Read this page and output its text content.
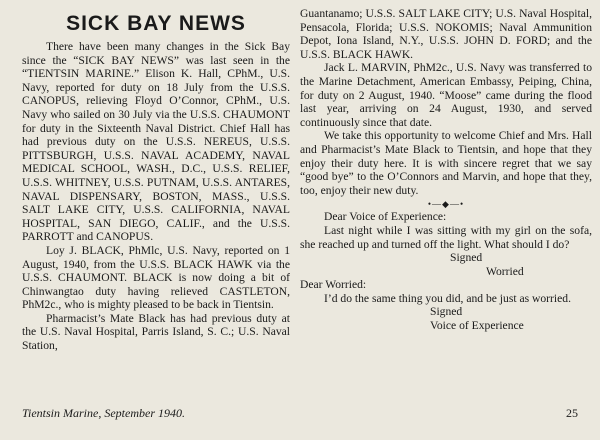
SICK BAY NEWS

There have been many changes in the Sick Bay since the “SICK BAY NEWS” was last seen in the “TIENTSIN MARINE.” Elison K. Hall, CPhM., U.S. Navy, reported for duty on 18 July from the U.S.S. CANOPUS, relieving Floyd O’Connor, CPhM., U.S. Navy who sailed on 30 July via the U.S.S. CHAUMONT for duty in the Sixteenth Naval District. Chief Hall has had previous duty on the U.S.S. NEREUS, U.S.S. PITTSBURGH, U.S.S. NAVAL ACADEMY, NAVAL MEDICAL SCHOOL, WASH., D.C., U.S.S. RELIEF, U.S.S. WHITNEY, U.S.S. PUTNAM, U.S.S. ANTARES, NAVAL DISPENSARY, BOSTON, MASS., U.S.S. SALT LAKE CITY, U.S.S. CALIFORNIA, NAVAL HOSPITAL, SAN DIEGO, CALIF., and the U.S.S. PARROTT and CANOPUS.

Loy J. BLACK, PhMlc, U.S. Navy, reported on 1 August, 1940, from the U.S.S. BLACK HAWK via the U.S.S. CHAUMONT. BLACK is now doing a bit of Chinwangtao duty having relieved CASTLETON, PhM2c., who is mighty pleased to be back in Tientsin.

Pharmacist’s Mate Black has had previous duty at the U.S. Naval Hospital, Parris Island, S. C.; U.S. Naval Station,

Guantanamo; U.S.S. SALT LAKE CITY; U.S. Naval Hospital, Pensacola, Florida; U.S.S. NOKOMIS; Naval Ammunition Depot, Iona Island, N.Y., U.S.S. JOHN D. FORD; and the U.S.S. BLACK HAWK.

Jack L. MARVIN, PhM2c., U.S. Navy was transferred to the Marine Detachment, American Embassy, Peiping, China, for duty on 2 August, 1940. “Moose” came during the flood last year, arriving on 24 August, 1930, and served continuously since that date.

We take this opportunity to welcome Chief and Mrs. Hall and Pharmacist’s Mate Black to Tientsin, and hope that they enjoy their duty here. It is with sincere regret that we say “good bye” to the O’Connors and Marvin, and hope that they, too, enjoy their new duty.

•—◆—•

Dear Voice of Experience:

Last night while I was sitting with my girl on the sofa, she reached up and turned off the light. What should I do?

Signed
Worried

Dear Worried:

I’d do the same thing you did, and be just as worried.

Signed
Voice of Experience
Tientsin Marine, September 1940.	25
